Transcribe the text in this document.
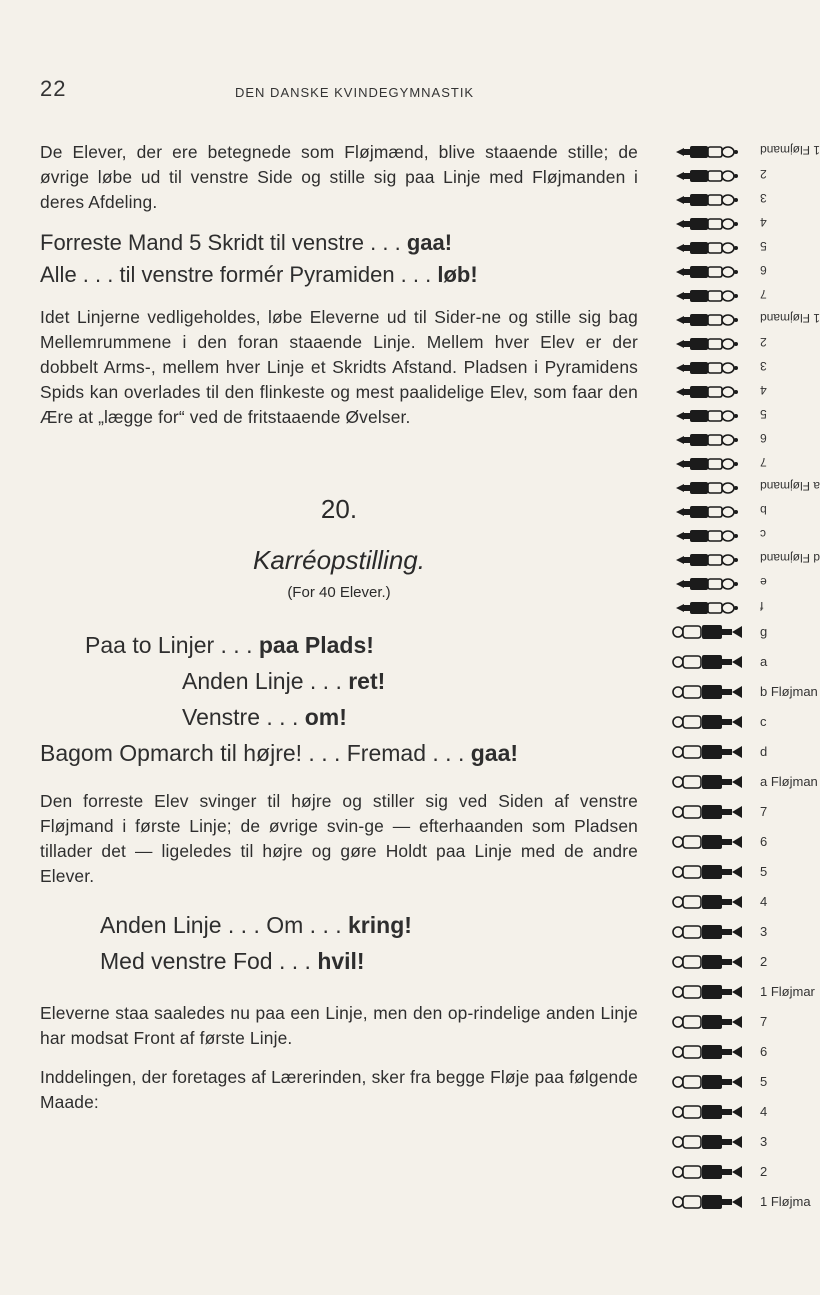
22	DEN DANSKE KVINDEGYMNASTIK
De Elever, der ere betegnede som Fløjmænd, blive staaende stille; de øvrige løbe ud til venstre Side og stille sig paa Linje med Fløjmanden i deres Afdeling.
Forreste Mand 5 Skridt til venstre . . . gaa!
Alle . . . til venstre formér Pyramiden . . . løb!
Idet Linjerne vedligeholdes, løbe Eleverne ud til Sider-ne og stille sig bag Mellemrummene i den foran staaende Linje. Mellem hver Elev er der dobbelt Arms-, mellem hver Linje et Skridts Afstand. Pladsen i Pyramidens Spids kan overlades til den flinkeste og mest paalidelige Elev, som faar den Ære at „lægge for“ ved de fritstaaende Øvelser.
20.
Karréopstilling.
(For 40 Elever.)
Paa to Linjer . . . paa Plads!
Anden Linje . . . ret!
Venstre . . . om!
Bagom Opmarch til højre! . . . Fremad . . . gaa!
Den forreste Elev svinger til højre og stiller sig ved Siden af venstre Fløjmand i første Linje; de øvrige svin-ge — efterhaanden som Pladsen tillader det — ligeledes til højre og gøre Holdt paa Linje med de andre Elever.
Anden Linje . . . Om . . . kring!
Med venstre Fod . . . hvil!
Eleverne staa saaledes nu paa een Linje, men den op-rindelige anden Linje har modsat Front af første Linje.
Inddelingen, der foretages af Lærerinden, sker fra begge Fløje paa følgende Maade:
1 Fløjmand
2
3
4
5
6
7
1 Fløjmand
2
3
4
5
6
7
a Fløjmand
b
c
d Fløjmand
e
f
g
a
b Fløjman
c
d
a Fløjman
7
6
5
4
3
2
1 Fløjmar
7
6
5
4
3
2
1 Fløjma
